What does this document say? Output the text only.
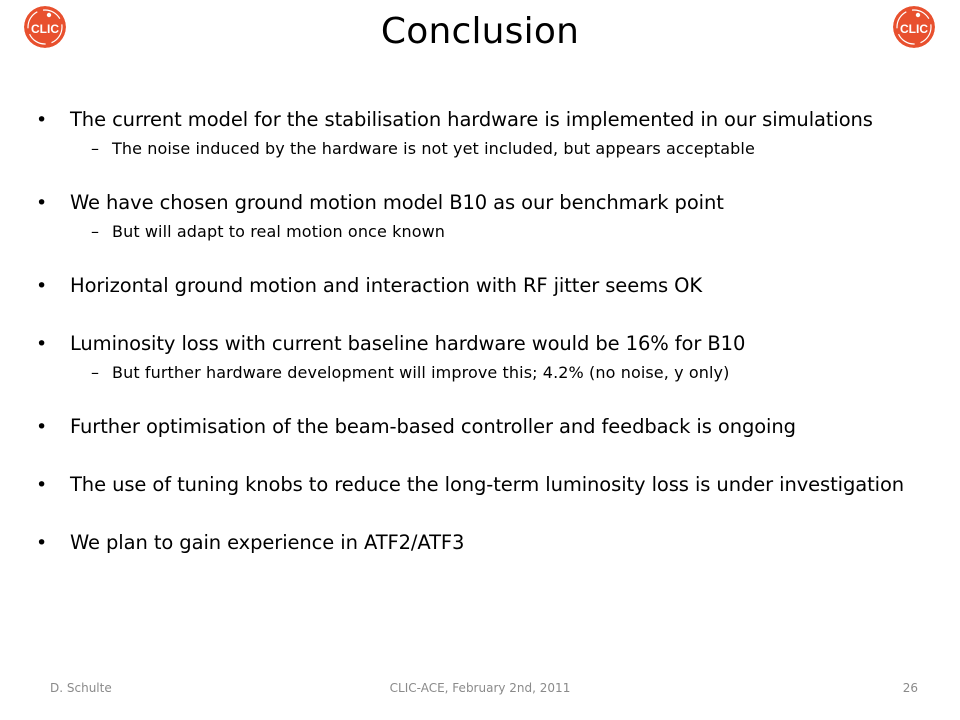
CLIC	CLIC
Conclusion
• The current model for the stabilisation hardware is implemented in our simulations
– The noise induced by the hardware is not yet included, but appears acceptable
• We have chosen ground motion model B10 as our benchmark point
– But will adapt to real motion once known
• Horizontal ground motion and interaction with RF jitter seems OK
• Luminosity loss with current baseline hardware would be 16% for B10
– But further hardware development will improve this; 4.2% (no noise, y only)
• Further optimisation of the beam-based controller and feedback is ongoing
• The use of tuning knobs to reduce the long-term luminosity loss is under investigation
• We plan to gain experience in ATF2/ATF3
D. Schulte	CLIC-ACE, February 2nd, 2011	26
